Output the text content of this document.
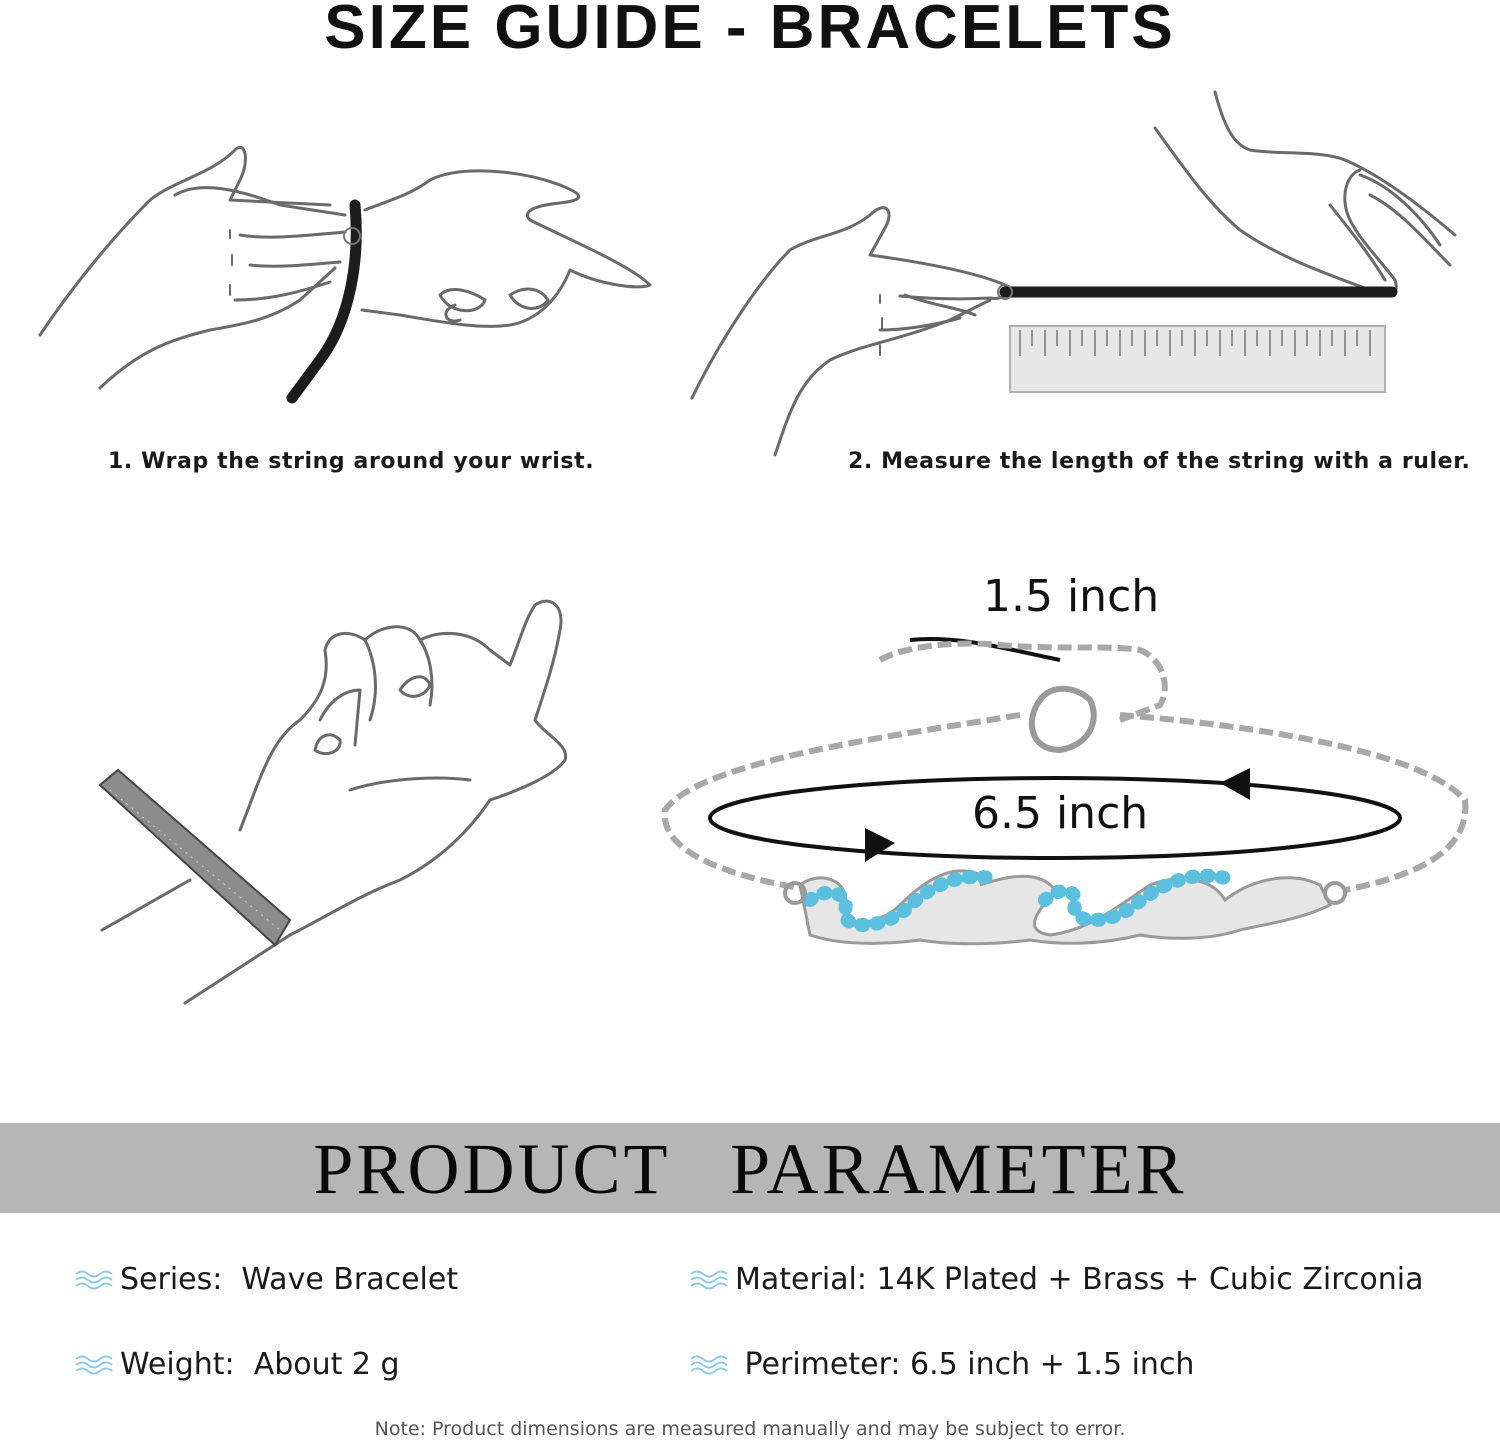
SIZE GUIDE - BRACELETS
1. Wrap the string around your wrist.	2. Measure the length of the string with a ruler.
1.5 inch
6.5 inch
PRODUCT PARAMETER
Series:  Wave Bracelet	Material: 14K Plated + Brass + Cubic Zirconia
Weight:  About 2 g	Perimeter: 6.5 inch + 1.5 inch
Note: Product dimensions are measured manually and may be subject to error.
